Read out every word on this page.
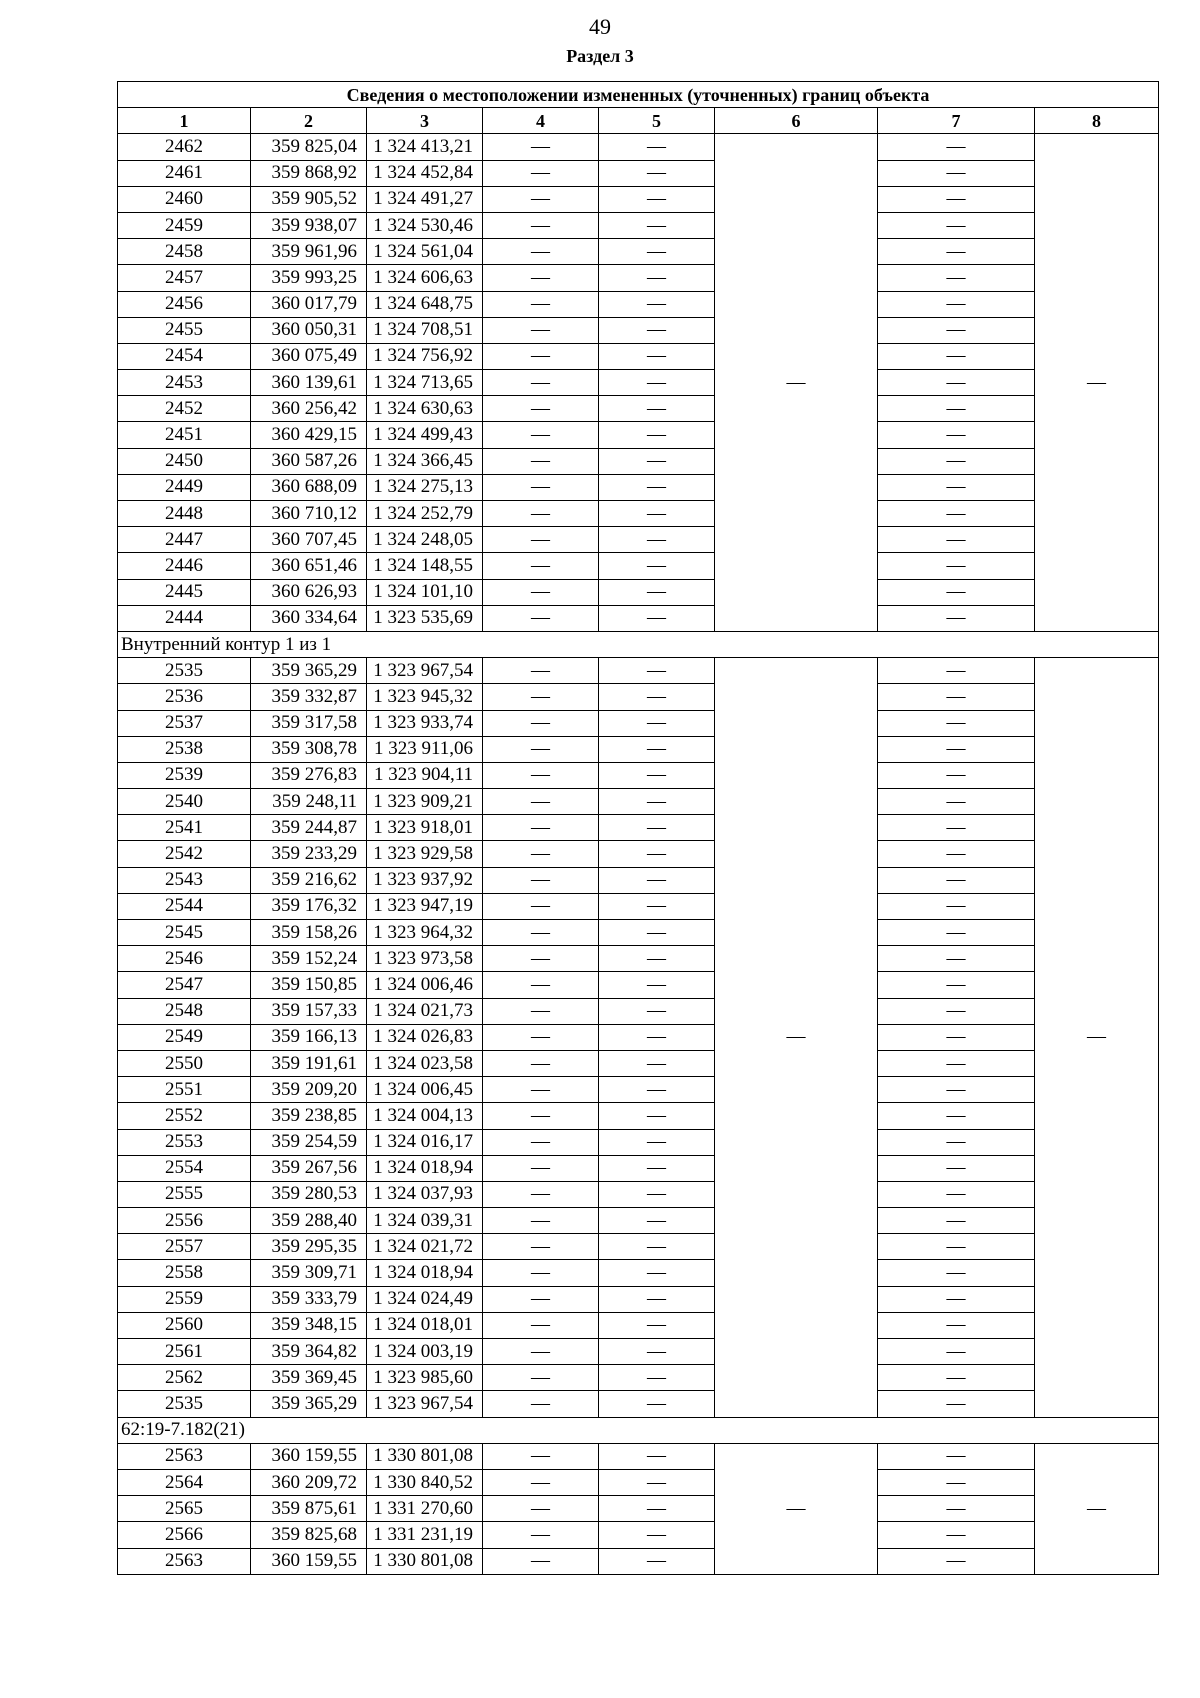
49
Раздел 3
Сведения о местоположении измененных (уточненных) границ объекта							
1	2	3	4	5	6	7	8
2462	359 825,04	1 324 413,21	—	—	—	—	—
2461	359 868,92	1 324 452,84	—	—		—	
2460	359 905,52	1 324 491,27	—	—		—	
2459	359 938,07	1 324 530,46	—	—		—	
2458	359 961,96	1 324 561,04	—	—		—	
2457	359 993,25	1 324 606,63	—	—		—	
2456	360 017,79	1 324 648,75	—	—		—	
2455	360 050,31	1 324 708,51	—	—		—	
2454	360 075,49	1 324 756,92	—	—		—	
2453	360 139,61	1 324 713,65	—	—		—	
2452	360 256,42	1 324 630,63	—	—		—	
2451	360 429,15	1 324 499,43	—	—		—	
2450	360 587,26	1 324 366,45	—	—		—	
2449	360 688,09	1 324 275,13	—	—		—	
2448	360 710,12	1 324 252,79	—	—		—	
2447	360 707,45	1 324 248,05	—	—		—	
2446	360 651,46	1 324 148,55	—	—		—	
2445	360 626,93	1 324 101,10	—	—		—	
2444	360 334,64	1 323 535,69	—	—		—	
Внутренний контур 1 из 1							
2535	359 365,29	1 323 967,54	—	—	—	—	—
2536	359 332,87	1 323 945,32	—	—		—	
2537	359 317,58	1 323 933,74	—	—		—	
2538	359 308,78	1 323 911,06	—	—		—	
2539	359 276,83	1 323 904,11	—	—		—	
2540	359 248,11	1 323 909,21	—	—		—	
2541	359 244,87	1 323 918,01	—	—		—	
2542	359 233,29	1 323 929,58	—	—		—	
2543	359 216,62	1 323 937,92	—	—		—	
2544	359 176,32	1 323 947,19	—	—		—	
2545	359 158,26	1 323 964,32	—	—		—	
2546	359 152,24	1 323 973,58	—	—		—	
2547	359 150,85	1 324 006,46	—	—		—	
2548	359 157,33	1 324 021,73	—	—		—	
2549	359 166,13	1 324 026,83	—	—		—	
2550	359 191,61	1 324 023,58	—	—		—	
2551	359 209,20	1 324 006,45	—	—		—	
2552	359 238,85	1 324 004,13	—	—		—	
2553	359 254,59	1 324 016,17	—	—		—	
2554	359 267,56	1 324 018,94	—	—		—	
2555	359 280,53	1 324 037,93	—	—		—	
2556	359 288,40	1 324 039,31	—	—		—	
2557	359 295,35	1 324 021,72	—	—		—	
2558	359 309,71	1 324 018,94	—	—		—	
2559	359 333,79	1 324 024,49	—	—		—	
2560	359 348,15	1 324 018,01	—	—		—	
2561	359 364,82	1 324 003,19	—	—		—	
2562	359 369,45	1 323 985,60	—	—		—	
2535	359 365,29	1 323 967,54	—	—		—	
62:19-7.182(21)							
2563	360 159,55	1 330 801,08	—	—	—	—	—
2564	360 209,72	1 330 840,52	—	—		—	
2565	359 875,61	1 331 270,60	—	—		—	
2566	359 825,68	1 331 231,19	—	—		—	
2563	360 159,55	1 330 801,08	—	—		—	
